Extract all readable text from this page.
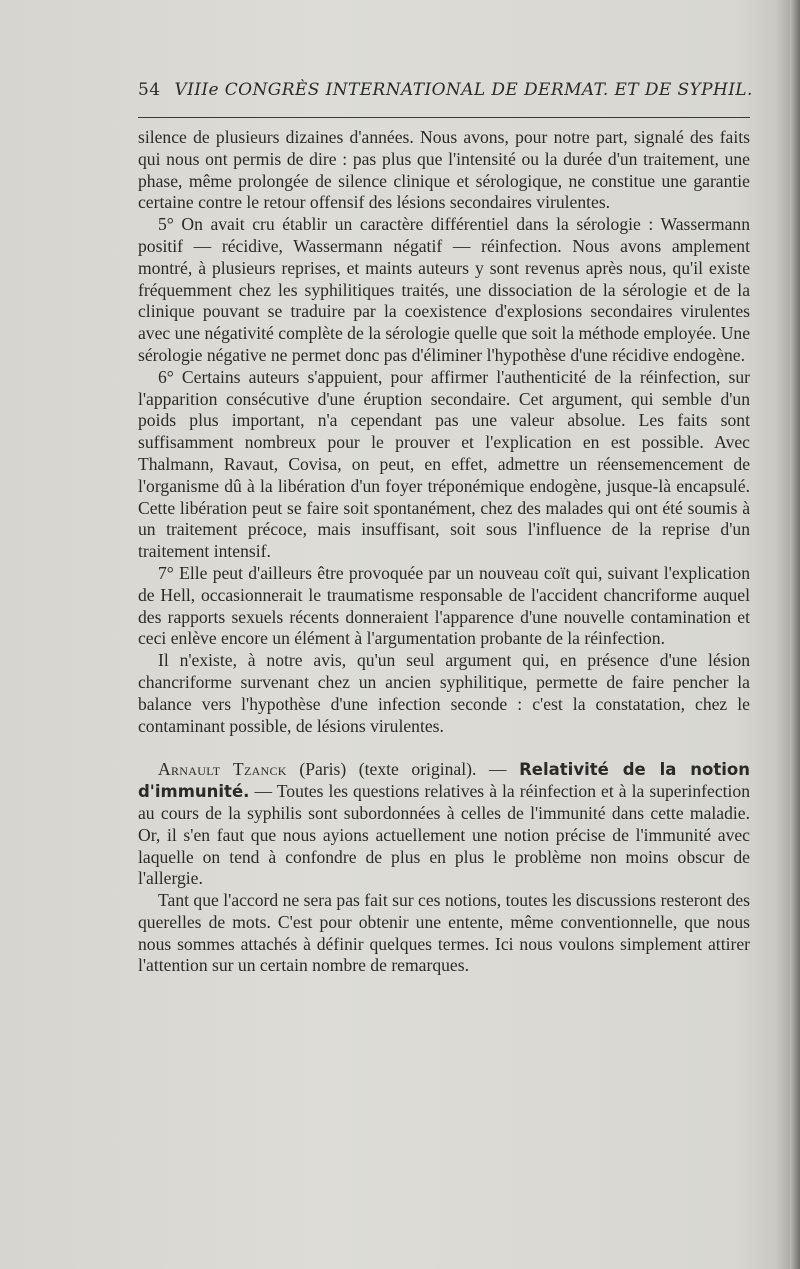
54 VIIIe CONGRÈS INTERNATIONAL DE DERMAT. ET DE SYPHIL.

silence de plusieurs dizaines d'années. Nous avons, pour notre part, signalé des faits qui nous ont permis de dire : pas plus que l'intensité ou la durée d'un traitement, une phase, même prolongée de silence clinique et sérologique, ne constitue une garantie certaine contre le retour offensif des lésions secondaires virulentes.

5° On avait cru établir un caractère différentiel dans la sérologie : Wassermann positif — récidive, Wassermann négatif — réinfection. Nous avons amplement montré, à plusieurs reprises, et maints auteurs y sont revenus après nous, qu'il existe fréquemment chez les syphilitiques traités, une dissociation de la sérologie et de la clinique pouvant se traduire par la coexistence d'explosions secondaires virulentes avec une négativité complète de la sérologie quelle que soit la méthode employée. Une sérologie négative ne permet donc pas d'éliminer l'hypothèse d'une récidive endogène.

6° Certains auteurs s'appuient, pour affirmer l'authenticité de la réinfection, sur l'apparition consécutive d'une éruption secondaire. Cet argument, qui semble d'un poids plus important, n'a cependant pas une valeur absolue. Les faits sont suffisamment nombreux pour le prouver et l'explication en est possible. Avec Thalmann, Ravaut, Covisa, on peut, en effet, admettre un réensemencement de l'organisme dû à la libération d'un foyer tréponémique endogène, jusque-là encapsulé. Cette libération peut se faire soit spontanément, chez des malades qui ont été soumis à un traitement précoce, mais insuffisant, soit sous l'influence de la reprise d'un traitement intensif.

7° Elle peut d'ailleurs être provoquée par un nouveau coït qui, suivant l'explication de Hell, occasionnerait le traumatisme responsable de l'accident chancriforme auquel des rapports sexuels récents donneraient l'apparence d'une nouvelle contamination et ceci enlève encore un élément à l'argumentation probante de la réinfection.

Il n'existe, à notre avis, qu'un seul argument qui, en présence d'une lésion chancriforme survenant chez un ancien syphilitique, permette de faire pencher la balance vers l'hypothèse d'une infection seconde : c'est la constatation, chez le contaminant possible, de lésions virulentes.

Arnault Tzanck (Paris) (texte original). — Relativité de la notion d'immunité. — Toutes les questions relatives à la réinfection et à la superinfection au cours de la syphilis sont subordonnées à celles de l'immunité dans cette maladie. Or, il s'en faut que nous ayions actuellement une notion précise de l'immunité avec laquelle on tend à confondre de plus en plus le problème non moins obscur de l'allergie.

Tant que l'accord ne sera pas fait sur ces notions, toutes les discussions resteront des querelles de mots. C'est pour obtenir une entente, même conventionnelle, que nous nous sommes attachés à définir quelques termes. Ici nous voulons simplement attirer l'attention sur un certain nombre de remarques.
